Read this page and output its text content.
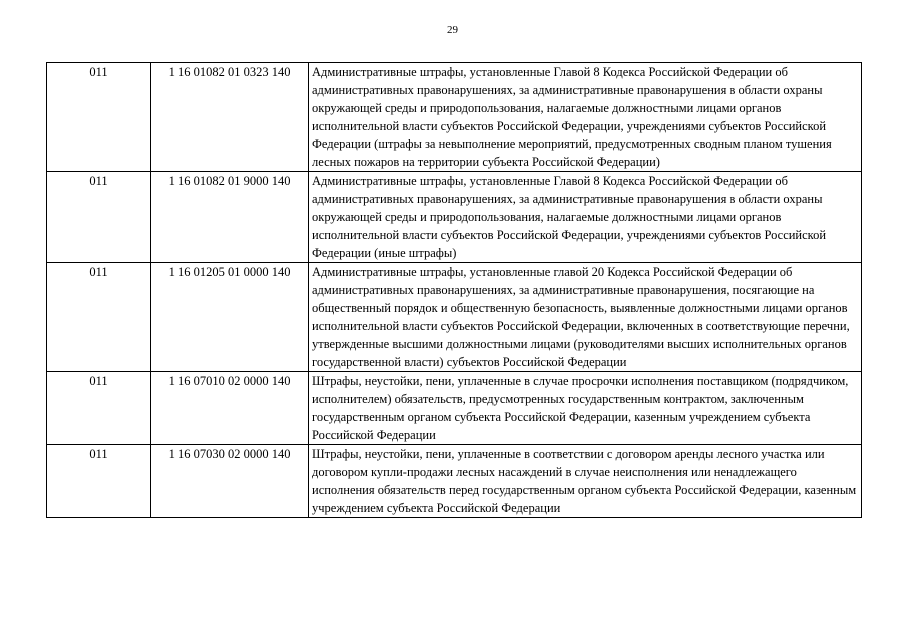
29
011	1 16 01082 01 0323 140	Административные штрафы, установленные Главой 8 Кодекса Российской Федерации об административных правонарушениях, за административные правонарушения в области охраны окружающей среды и природопользования, налагаемые должностными лицами органов исполнительной власти субъектов Российской Федерации, учреждениями субъектов Российской Федерации (штрафы за невыполнение мероприятий, предусмотренных сводным планом тушения лесных пожаров на территории субъекта Российской Федерации)
011	1 16 01082 01 9000 140	Административные штрафы, установленные Главой 8 Кодекса Российской Федерации об административных правонарушениях, за административные правонарушения в области охраны окружающей среды и природопользования, налагаемые должностными лицами органов исполнительной власти субъектов Российской Федерации, учреждениями субъектов Российской Федерации (иные штрафы)
011	1 16 01205 01 0000 140	Административные штрафы, установленные главой 20 Кодекса Российской Федерации об административных правонарушениях, за административные правонарушения, посягающие на общественный порядок и общественную безопасность, выявленные должностными лицами органов исполнительной власти субъектов Российской Федерации, включенных в соответствующие перечни, утвержденные высшими должностными лицами (руководителями высших исполнительных органов государственной власти) субъектов Российской Федерации
011	1 16 07010 02 0000 140	Штрафы, неустойки, пени, уплаченные в случае просрочки исполнения поставщиком (подрядчиком, исполнителем) обязательств, предусмотренных государственным контрактом, заключенным государственным органом субъекта Российской Федерации, казенным учреждением субъекта Российской Федерации
011	1 16 07030 02 0000 140	Штрафы, неустойки, пени, уплаченные в соответствии с договором аренды лесного участка или договором купли-продажи лесных насаждений в случае неисполнения или ненадлежащего исполнения обязательств перед государственным органом субъекта Российской Федерации, казенным учреждением субъекта Российской Федерации
